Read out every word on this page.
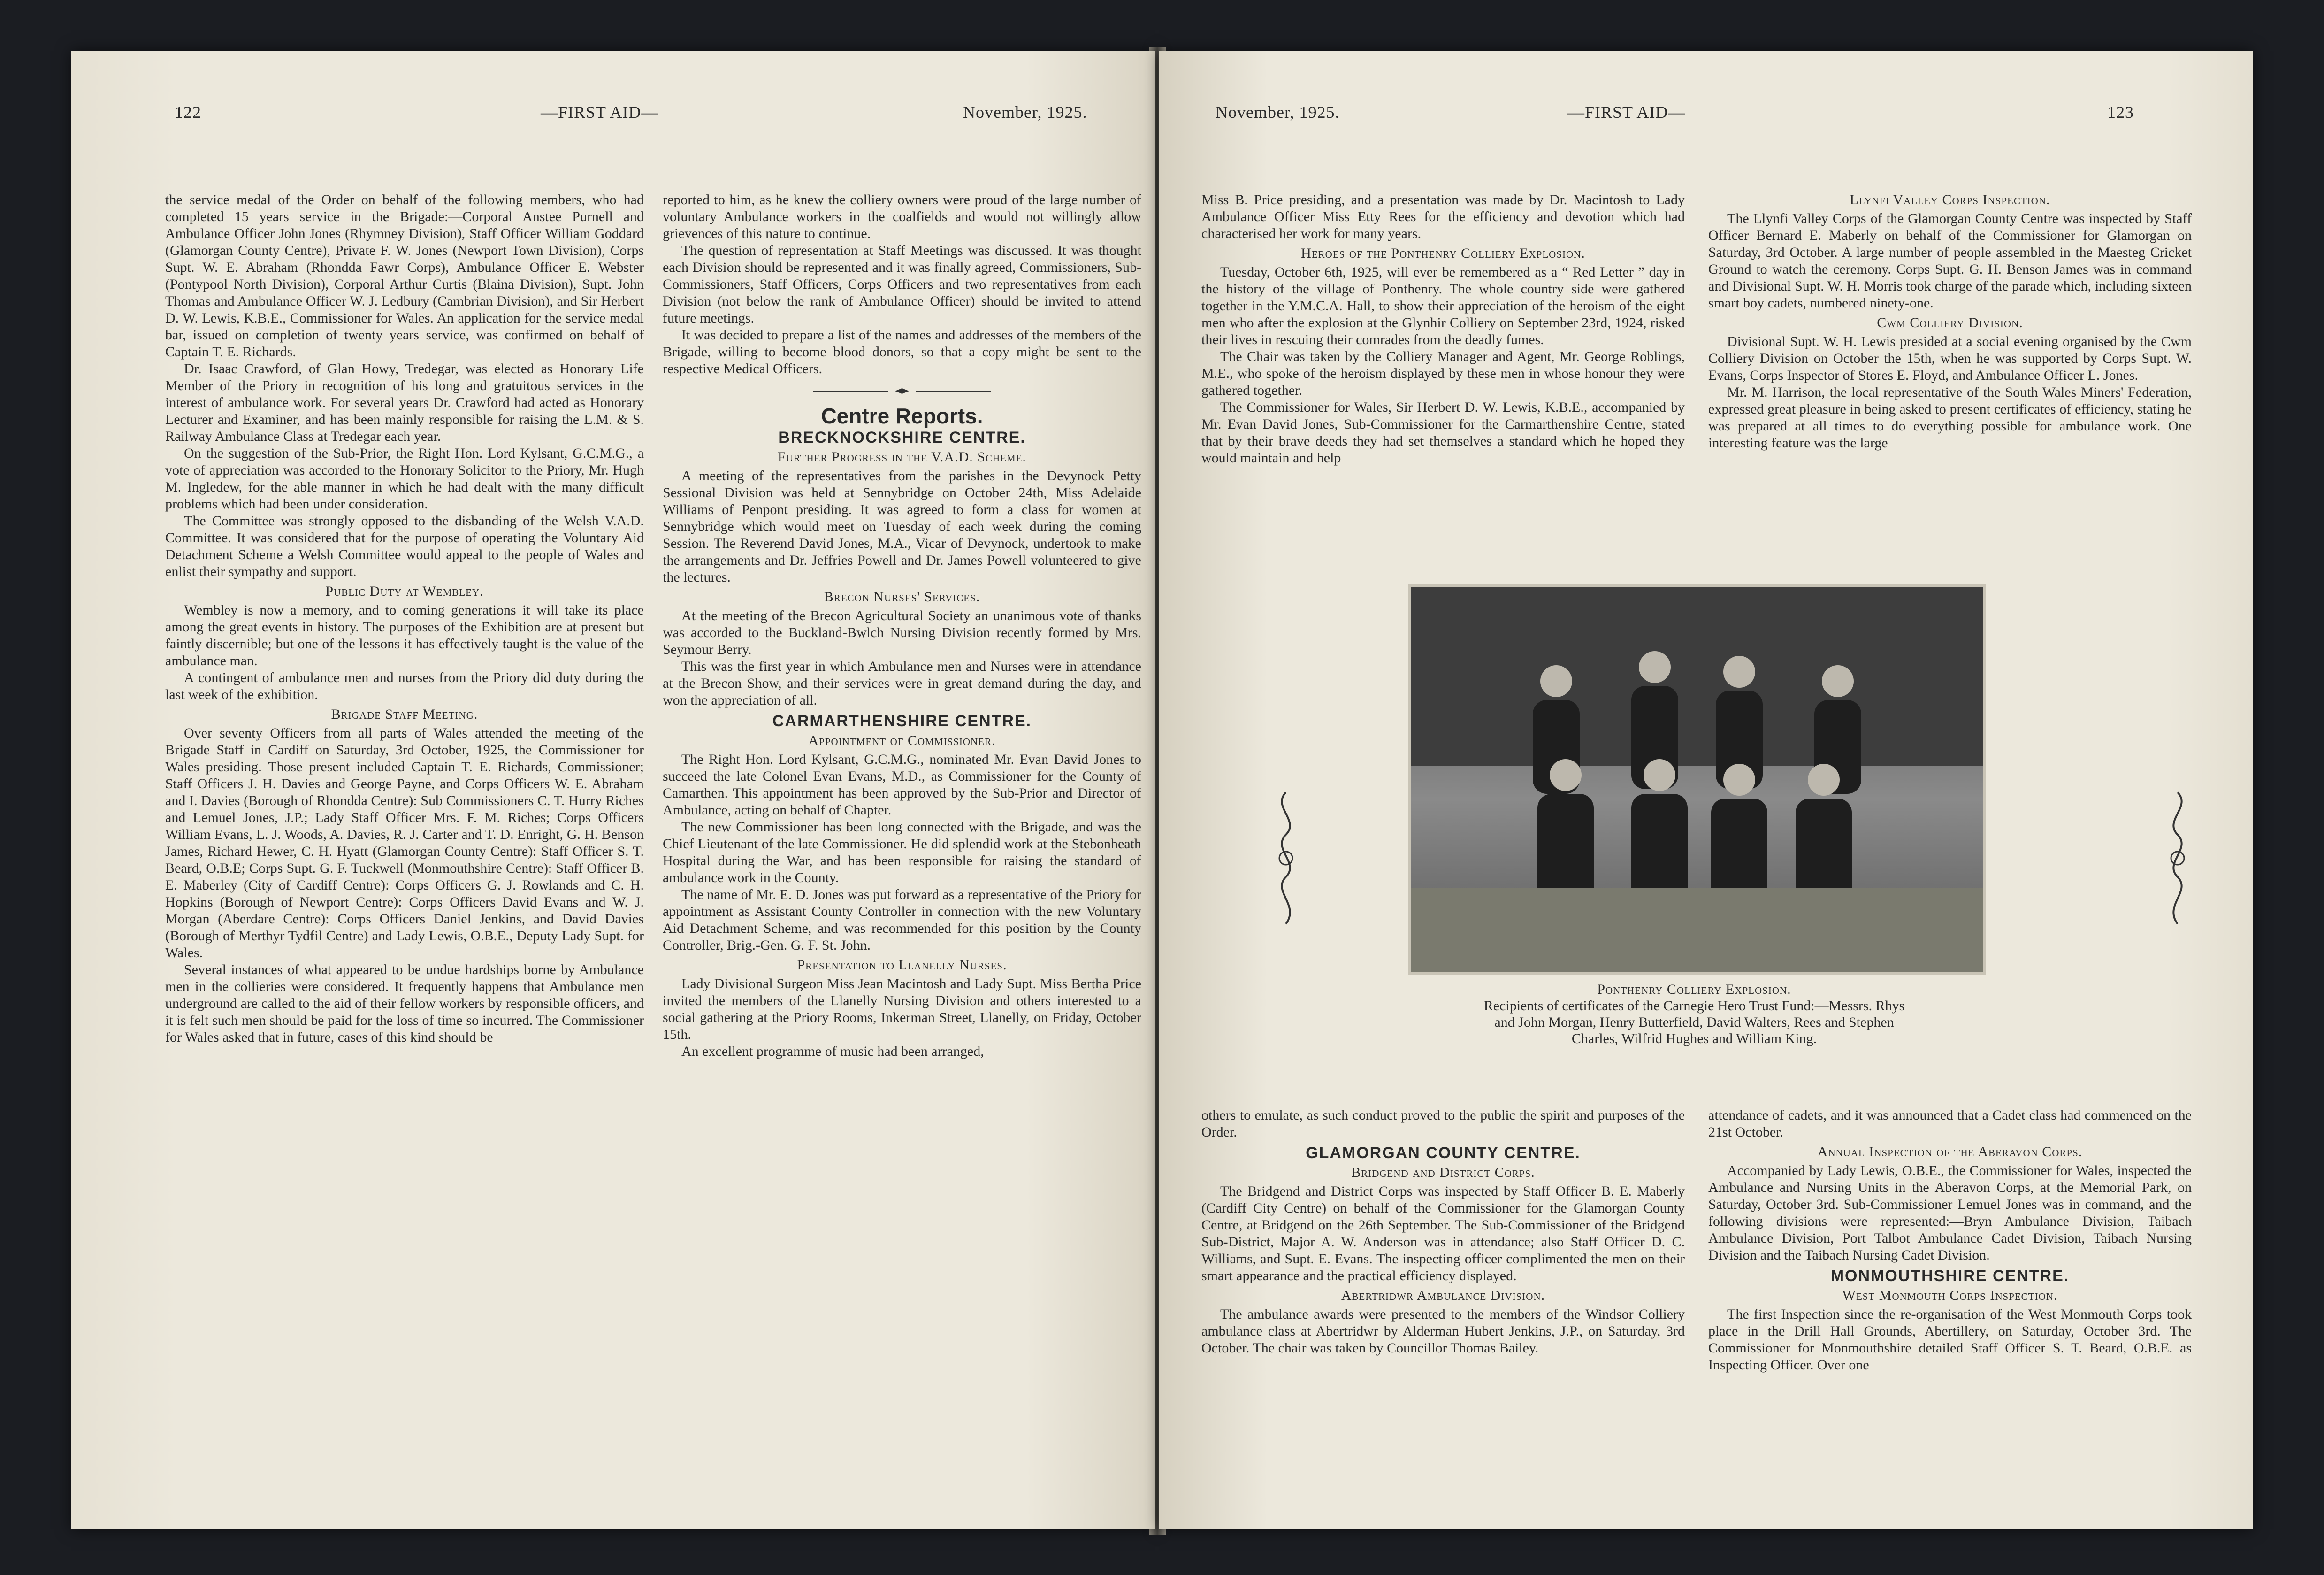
122	—FIRST AID—	November, 1925.

the service medal of the Order on behalf of the following members, who had completed 15 years service in the Brigade:—Corporal Anstee Purnell and Ambulance Officer John Jones (Rhymney Division), Staff Officer William Goddard (Glamorgan County Centre), Private F. W. Jones (Newport Town Division), Corps Supt. W. E. Abraham (Rhondda Fawr Corps), Ambulance Officer E. Webster (Pontypool North Division), Corporal Arthur Curtis (Blaina Division), Supt. John Thomas and Ambulance Officer W. J. Ledbury (Cambrian Division), and Sir Herbert D. W. Lewis, K.B.E., Commissioner for Wales. An application for the service medal bar, issued on completion of twenty years service, was confirmed on behalf of Captain T. E. Richards.

Dr. Isaac Crawford, of Glan Howy, Tredegar, was elected as Honorary Life Member of the Priory in recognition of his long and gratuitous services in the interest of ambulance work. For several years Dr. Crawford had acted as Honorary Lecturer and Examiner, and has been mainly responsible for raising the L.M. & S. Railway Ambulance Class at Tredegar each year.

On the suggestion of the Sub-Prior, the Right Hon. Lord Kylsant, G.C.M.G., a vote of appreciation was accorded to the Honorary Solicitor to the Priory, Mr. Hugh M. Ingledew, for the able manner in which he had dealt with the many difficult problems which had been under consideration.

The Committee was strongly opposed to the disbanding of the Welsh V.A.D. Committee. It was considered that for the purpose of operating the Voluntary Aid Detachment Scheme a Welsh Committee would appeal to the people of Wales and enlist their sympathy and support.

Public Duty at Wembley.

Wembley is now a memory, and to coming generations it will take its place among the great events in history. The purposes of the Exhibition are at present but faintly discernible; but one of the lessons it has effectively taught is the value of the ambulance man.

A contingent of ambulance men and nurses from the Priory did duty during the last week of the exhibition.

Brigade Staff Meeting.

Over seventy Officers from all parts of Wales attended the meeting of the Brigade Staff in Cardiff on Saturday, 3rd October, 1925, the Commissioner for Wales presiding. Those present included Captain T. E. Richards, Commissioner; Staff Officers J. H. Davies and George Payne, and Corps Officers W. E. Abraham and I. Davies (Borough of Rhondda Centre): Sub Commissioners C. T. Hurry Riches and Lemuel Jones, J.P.; Lady Staff Officer Mrs. F. M. Riches; Corps Officers William Evans, L. J. Woods, A. Davies, R. J. Carter and T. D. Enright, G. H. Benson James, Richard Hewer, C. H. Hyatt (Glamorgan County Centre): Staff Officer S. T. Beard, O.B.E; Corps Supt. G. F. Tuckwell (Monmouthshire Centre): Staff Officer B. E. Maberley (City of Cardiff Centre): Corps Officers G. J. Rowlands and C. H. Hopkins (Borough of Newport Centre): Corps Officers David Evans and W. J. Morgan (Aberdare Centre): Corps Officers Daniel Jenkins, and David Davies (Borough of Merthyr Tydfil Centre) and Lady Lewis, O.B.E., Deputy Lady Supt. for Wales.

Several instances of what appeared to be undue hardships borne by Ambulance men in the collieries were considered. It frequently happens that Ambulance men underground are called to the aid of their fellow workers by responsible officers, and it is felt such men should be paid for the loss of time so incurred. The Commissioner for Wales asked that in future, cases of this kind should be

reported to him, as he knew the colliery owners were proud of the large number of voluntary Ambulance workers in the coalfields and would not willingly allow grievences of this nature to continue.

The question of representation at Staff Meetings was discussed. It was thought each Division should be represented and it was finally agreed, Commissioners, Sub-Commissioners, Staff Officers, Corps Officers and two representatives from each Division (not below the rank of Ambulance Officer) should be invited to attend future meetings.

It was decided to prepare a list of the names and addresses of the members of the Brigade, willing to become blood donors, so that a copy might be sent to the respective Medical Officers.

Centre Reports.
BRECKNOCKSHIRE CENTRE.
Further Progress in the V.A.D. Scheme.

A meeting of the representatives from the parishes in the Devynock Petty Sessional Division was held at Sennybridge on October 24th, Miss Adelaide Williams of Penpont presiding. It was agreed to form a class for women at Sennybridge which would meet on Tuesday of each week during the coming Session. The Reverend David Jones, M.A., Vicar of Devynock, undertook to make the arrangements and Dr. Jeffries Powell and Dr. James Powell volunteered to give the lectures.

Brecon Nurses' Services.

At the meeting of the Brecon Agricultural Society an unanimous vote of thanks was accorded to the Buckland-Bwlch Nursing Division recently formed by Mrs. Seymour Berry.

This was the first year in which Ambulance men and Nurses were in attendance at the Brecon Show, and their services were in great demand during the day, and won the appreciation of all.

CARMARTHENSHIRE CENTRE.
Appointment of Commissioner.

The Right Hon. Lord Kylsant, G.C.M.G., nominated Mr. Evan David Jones to succeed the late Colonel Evan Evans, M.D., as Commissioner for the County of Camarthen. This appointment has been approved by the Sub-Prior and Director of Ambulance, acting on behalf of Chapter.

The new Commissioner has been long connected with the Brigade, and was the Chief Lieutenant of the late Commissioner. He did splendid work at the Stebonheath Hospital during the War, and has been responsible for raising the standard of ambulance work in the County.

The name of Mr. E. D. Jones was put forward as a representative of the Priory for appointment as Assistant County Controller in connection with the new Voluntary Aid Detachment Scheme, and was recommended for this position by the County Controller, Brig.-Gen. G. F. St. John.

Presentation to Llanelly Nurses.

Lady Divisional Surgeon Miss Jean Macintosh and Lady Supt. Miss Bertha Price invited the members of the Llanelly Nursing Division and others interested to a social gathering at the Priory Rooms, Inkerman Street, Llanelly, on Friday, October 15th.

An excellent programme of music had been arranged,

November, 1925.	—FIRST AID—	123

Miss B. Price presiding, and a presentation was made by Dr. Macintosh to Lady Ambulance Officer Miss Etty Rees for the efficiency and devotion which had characterised her work for many years.

Heroes of the Ponthenry Colliery Explosion.

Tuesday, October 6th, 1925, will ever be remembered as a “ Red Letter ” day in the history of the village of Ponthenry. The whole country side were gathered together in the Y.M.C.A. Hall, to show their appreciation of the heroism of the eight men who after the explosion at the Glynhir Colliery on September 23rd, 1924, risked their lives in rescuing their comrades from the deadly fumes.

The Chair was taken by the Colliery Manager and Agent, Mr. George Roblings, M.E., who spoke of the heroism displayed by these men in whose honour they were gathered together.

The Commissioner for Wales, Sir Herbert D. W. Lewis, K.B.E., accompanied by Mr. Evan David Jones, Sub-Commissioner for the Carmarthenshire Centre, stated that by their brave deeds they had set themselves a standard which he hoped they would maintain and help

Llynfi Valley Corps Inspection.

The Llynfi Valley Corps of the Glamorgan County Centre was inspected by Staff Officer Bernard E. Maberly on behalf of the Commissioner for Glamorgan on Saturday, 3rd October. A large number of people assembled in the Maesteg Cricket Ground to watch the ceremony. Corps Supt. G. H. Benson James was in command and Divisional Supt. W. H. Morris took charge of the parade which, including sixteen smart boy cadets, numbered ninety-one.

Cwm Colliery Division.

Divisional Supt. W. H. Lewis presided at a social evening organised by the Cwm Colliery Division on October the 15th, when he was supported by Corps Supt. W. Evans, Corps Inspector of Stores E. Floyd, and Ambulance Officer L. Jones.

Mr. M. Harrison, the local representative of the South Wales Miners' Federation, expressed great pleasure in being asked to present certificates of efficiency, stating he was prepared at all times to do everything possible for ambulance work. One interesting feature was the large

others to emulate, as such conduct proved to the public the spirit and purposes of the Order.

GLAMORGAN COUNTY CENTRE.
Bridgend and District Corps.

The Bridgend and District Corps was inspected by Staff Officer B. E. Maberly (Cardiff City Centre) on behalf of the Commissioner for the Glamorgan County Centre, at Bridgend on the 26th September. The Sub-Commissioner of the Bridgend Sub-District, Major A. W. Anderson was in attendance; also Staff Officer D. C. Williams, and Supt. E. Evans. The inspecting officer complimented the men on their smart appearance and the practical efficiency displayed.

Abertridwr Ambulance Division.

The ambulance awards were presented to the members of the Windsor Colliery ambulance class at Abertridwr by Alderman Hubert Jenkins, J.P., on Saturday, 3rd October. The chair was taken by Councillor Thomas Bailey.

attendance of cadets, and it was announced that a Cadet class had commenced on the 21st October.

Annual Inspection of the Aberavon Corps.

Accompanied by Lady Lewis, O.B.E., the Commissioner for Wales, inspected the Ambulance and Nursing Units in the Aberavon Corps, at the Memorial Park, on Saturday, October 3rd. Sub-Commissioner Lemuel Jones was in command, and the following divisions were represented:—Bryn Ambulance Division, Taibach Ambulance Division, Port Talbot Ambulance Cadet Division, Taibach Nursing Division and the Taibach Nursing Cadet Division.

MONMOUTHSHIRE CENTRE.
West Monmouth Corps Inspection.

The first Inspection since the re-organisation of the West Monmouth Corps took place in the Drill Hall Grounds, Abertillery, on Saturday, October 3rd. The Commissioner for Monmouthshire detailed Staff Officer S. T. Beard, O.B.E. as Inspecting Officer. Over one

Ponthenry Colliery Explosion.
Recipients of certificates of the Carnegie Hero Trust Fund:—Messrs. Rhys
and John Morgan, Henry Butterfield, David Walters, Rees and Stephen
Charles, Wilfrid Hughes and William King.
